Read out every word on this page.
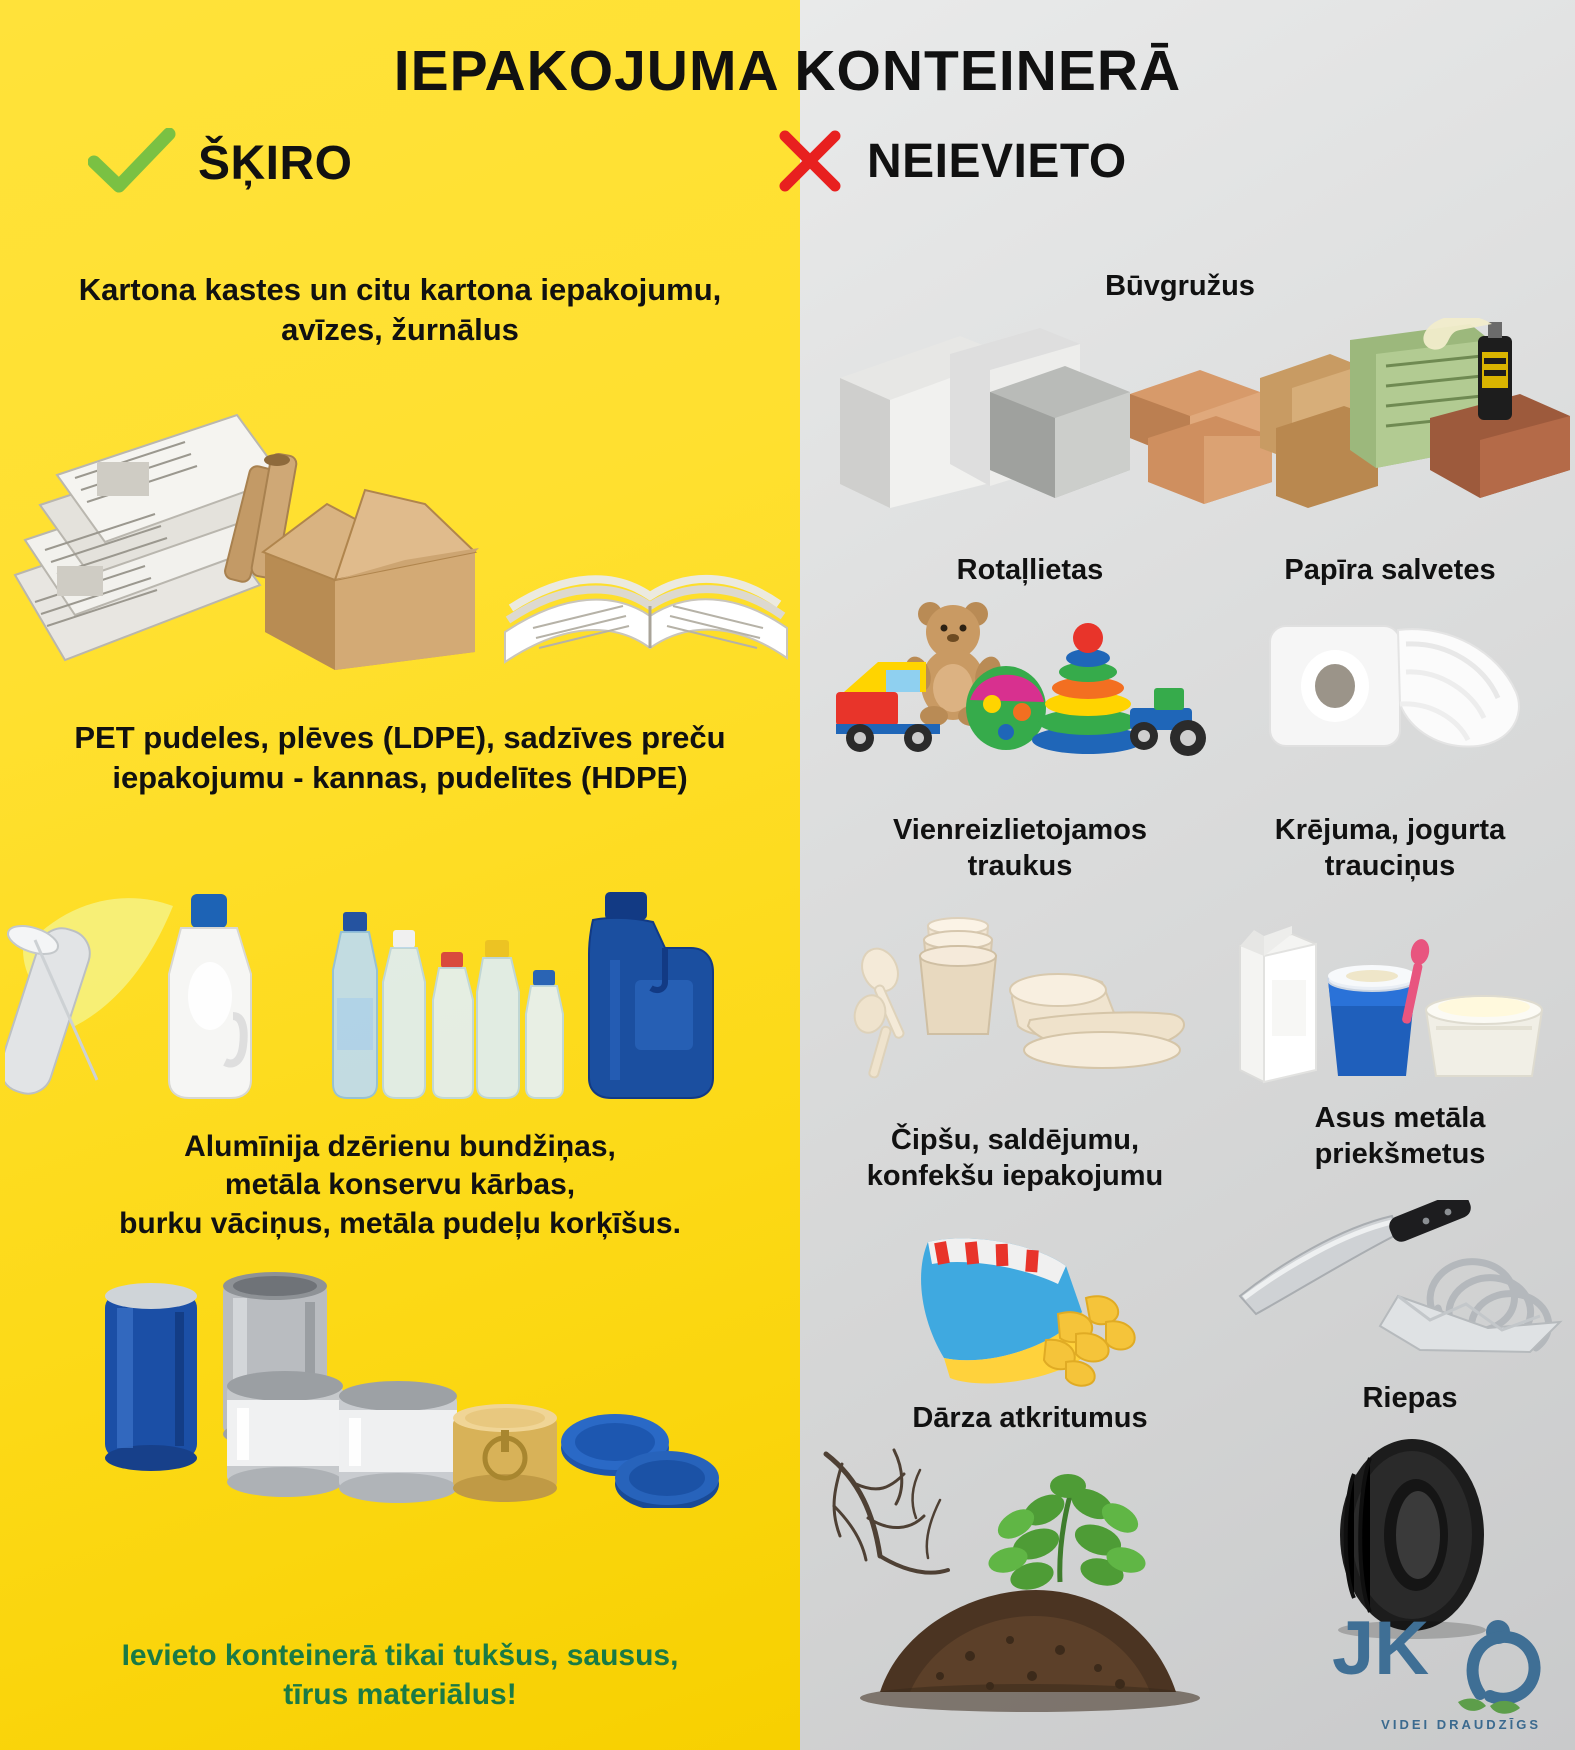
ŠĶIRO
Kartona kastes un citu kartona iepakojumu, avīzes, žurnālus
PET pudeles, plēves (LDPE), sadzīves preču iepakojumu - kannas, pudelītes (HDPE)
Alumīnija dzērienu bundžiņas,
metāla konservu kārbas,
burku vāciņus, metāla pudeļu korķīšus.
Ievieto konteinerā tikai tukšus, sausus,
tīrus materiālus!
NEIEVIETO
Būvgružus
Rotaļlietas	Papīra salvetes
Vienreizlietojamos
traukus
Krējuma, jogurta
trauciņus
Čipšu, saldējumu,
konfekšu iepakojumu
Asus metāla
priekšmetus
Dārza atkritumus
Riepas
JK
VIDEI DRAUDZĪGS
IEPAKOJUMA KONTEINERĀ
